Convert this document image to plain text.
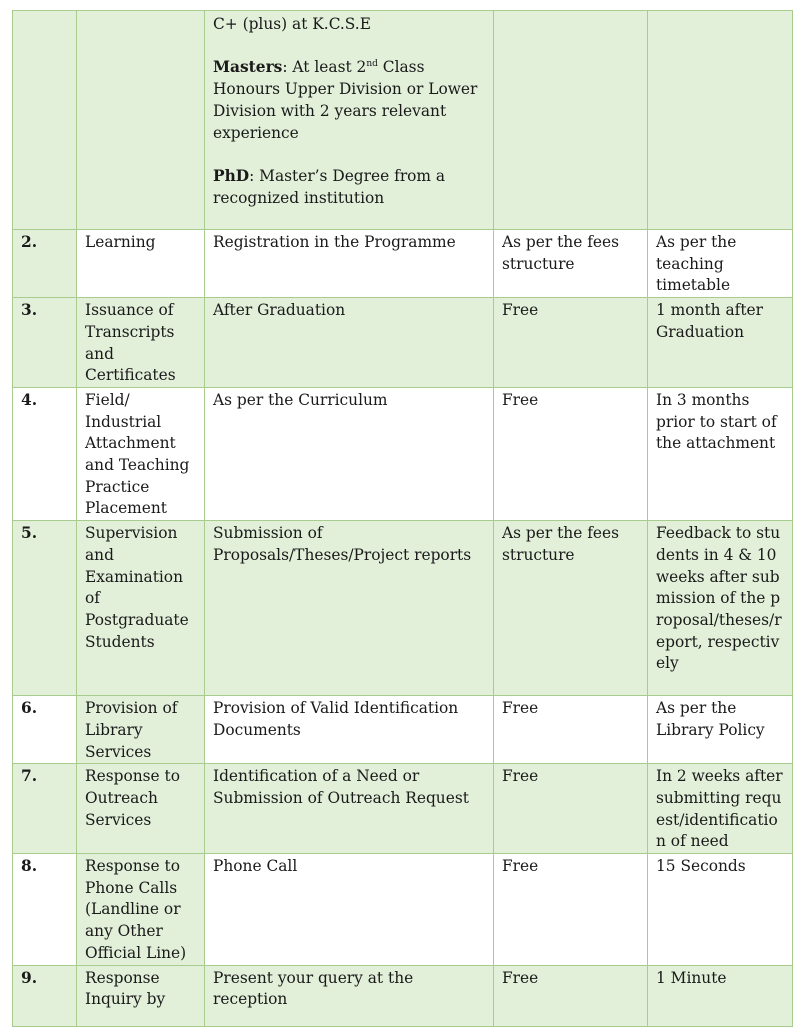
		C+ (plus) at K.C.S.E
Masters: At least 2nd Class Honours Upper Division or Lower Division with 2 years relevant experience
PhD: Master’s Degree from a recognized institution		

2.	Learning	Registration in the Programme	As per the fees structure	As per the teaching timetable
3.	Issuance of Transcripts and Certificates	After Graduation	Free	1 month after Graduation
4.	Field/ Industrial Attachment and Teaching Practice Placement	As per the Curriculum	Free	In 3 months prior to start of the attachment
5.	Supervision and Examination of Postgraduate Students	Submission of Proposals/Theses/Project reports	As per the fees structure	Feedback to students in 4 & 10 weeks after submission of the proposal/theses/report, respectively
6.	Provision of Library Services	Provision of Valid Identification Documents	Free	As per the Library Policy
7.	Response to Outreach Services	Identification of a Need or Submission of Outreach Request	Free	In 2 weeks after submitting request/identification of need
8.	Response to Phone Calls (Landline or any Other Official Line)	Phone Call	Free	15 Seconds
9.	Response Inquiry by	Present your query at the reception	Free	1 Minute
